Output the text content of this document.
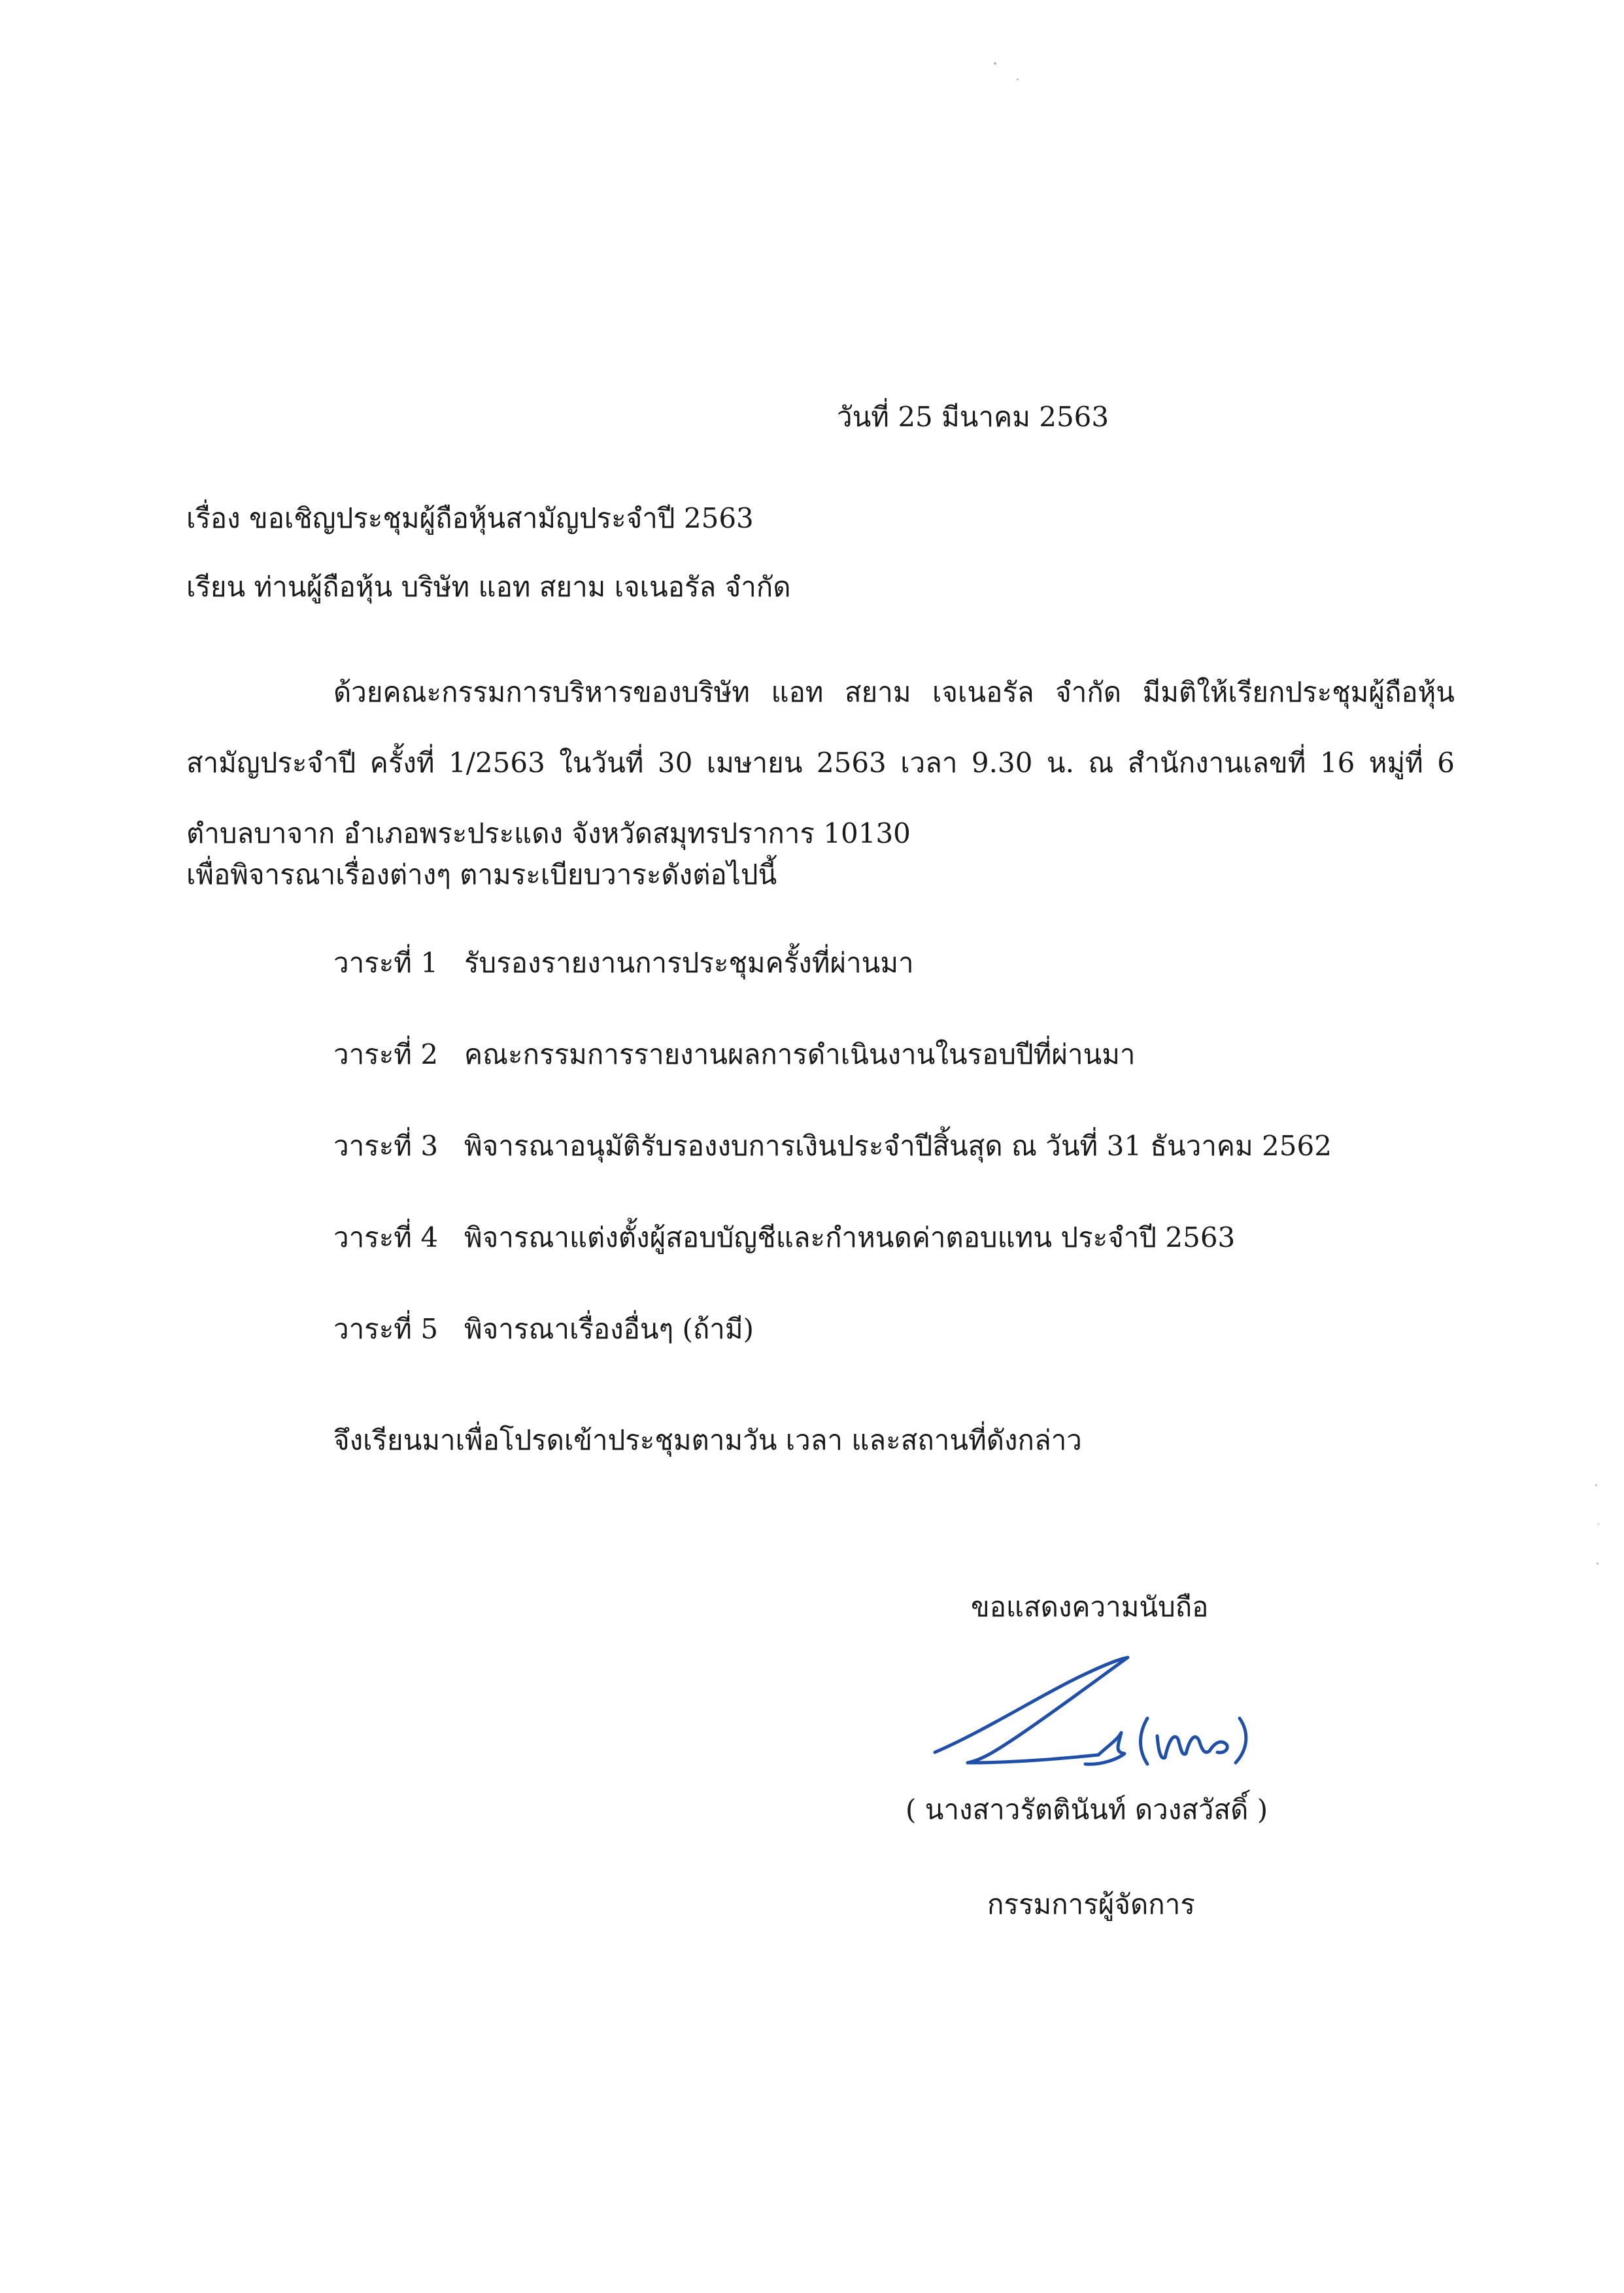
วันที่ 25 มีนาคม 2563
เรื่อง ขอเชิญประชุมผู้ถือหุ้นสามัญประจำปี 2563
เรียน ท่านผู้ถือหุ้น บริษัท แอท สยาม เจเนอรัล จำกัด
ด้วยคณะกรรมการบริหารของบริษัท แอท สยาม เจเนอรัล จำกัด มีมติให้เรียกประชุมผู้ถือหุ้นสามัญประจำปี ครั้งที่ 1/2563 ในวันที่ 30 เมษายน 2563 เวลา 9.30 น. ณ สำนักงานเลขที่ 16 หมู่ที่ 6 ตำบลบาจาก อำเภอพระประแดง จังหวัดสมุทรปราการ 10130
เพื่อพิจารณาเรื่องต่างๆ ตามระเบียบวาระดังต่อไปนี้
วาระที่ 1 รับรองรายงานการประชุมครั้งที่ผ่านมา
วาระที่ 2 คณะกรรมการรายงานผลการดำเนินงานในรอบปีที่ผ่านมา
วาระที่ 3 พิจารณาอนุมัติรับรองงบการเงินประจำปีสิ้นสุด ณ วันที่ 31 ธันวาคม 2562
วาระที่ 4 พิจารณาแต่งตั้งผู้สอบบัญชีและกำหนดค่าตอบแทน ประจำปี 2563
วาระที่ 5 พิจารณาเรื่องอื่นๆ (ถ้ามี)
จึงเรียนมาเพื่อโปรดเข้าประชุมตามวัน เวลา และสถานที่ดังกล่าว
ขอแสดงความนับถือ
( นางสาวรัตตินันท์ ดวงสวัสดิ์ )
กรรมการผู้จัดการ
